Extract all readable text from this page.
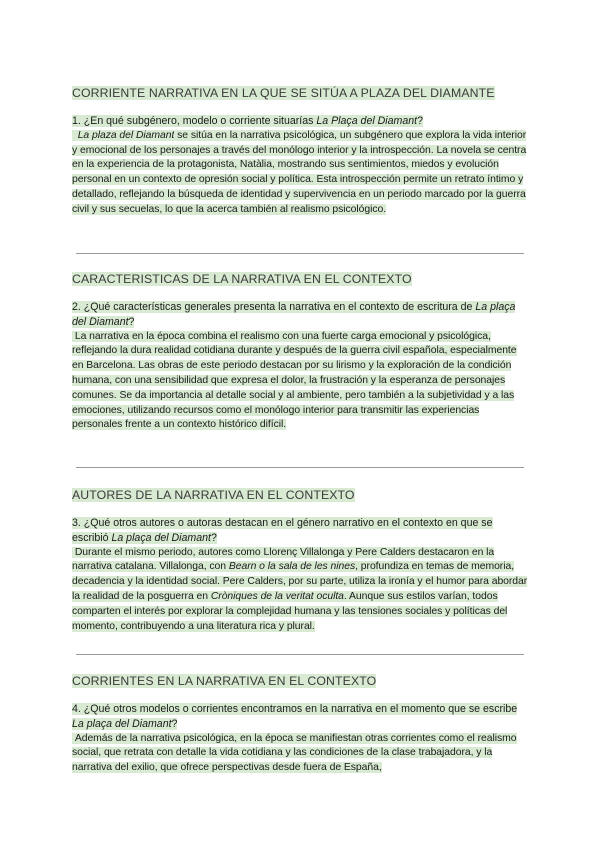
CORRIENTE NARRATIVA EN LA QUE SE SITÚA A PLAZA DEL DIAMANTE
1. ¿En qué subgénero, modelo o corriente situarías La Plaça del Diamant?
La plaza del Diamant se sitúa en la narrativa psicológica, un subgénero que explora la vida interior y emocional de los personajes a través del monólogo interior y la introspección. La novela se centra en la experiencia de la protagonista, Natàlia, mostrando sus sentimientos, miedos y evolución personal en un contexto de opresión social y política. Esta introspección permite un retrato íntimo y detallado, reflejando la búsqueda de identidad y supervivencia en un periodo marcado por la guerra civil y sus secuelas, lo que la acerca también al realismo psicológico.
CARACTERISTICAS DE LA NARRATIVA EN EL CONTEXTO
2. ¿Qué características generales presenta la narrativa en el contexto de escritura de La plaça del Diamant?
La narrativa en la época combina el realismo con una fuerte carga emocional y psicológica, reflejando la dura realidad cotidiana durante y después de la guerra civil española, especialmente en Barcelona. Las obras de este periodo destacan por su lirismo y la exploración de la condición humana, con una sensibilidad que expresa el dolor, la frustración y la esperanza de personajes comunes. Se da importancia al detalle social y al ambiente, pero también a la subjetividad y a las emociones, utilizando recursos como el monólogo interior para transmitir las experiencias personales frente a un contexto histórico difícil.
AUTORES DE LA NARRATIVA EN EL CONTEXTO
3. ¿Qué otros autores o autoras destacan en el género narrativo en el contexto en que se escribió La plaça del Diamant?
Durante el mismo periodo, autores como Llorenç Villalonga y Pere Calders destacaron en la narrativa catalana. Villalonga, con Bearn o la sala de les nines, profundiza en temas de memoria, decadencia y la identidad social. Pere Calders, por su parte, utiliza la ironía y el humor para abordar la realidad de la posguerra en Cròniques de la veritat oculta. Aunque sus estilos varían, todos comparten el interés por explorar la complejidad humana y las tensiones sociales y políticas del momento, contribuyendo a una literatura rica y plural.
CORRIENTES EN LA NARRATIVA EN EL CONTEXTO
4. ¿Qué otros modelos o corrientes encontramos en la narrativa en el momento que se escribe La plaça del Diamant?
Además de la narrativa psicológica, en la época se manifiestan otras corrientes como el realismo social, que retrata con detalle la vida cotidiana y las condiciones de la clase trabajadora, y la narrativa del exilio, que ofrece perspectivas desde fuera de España,
